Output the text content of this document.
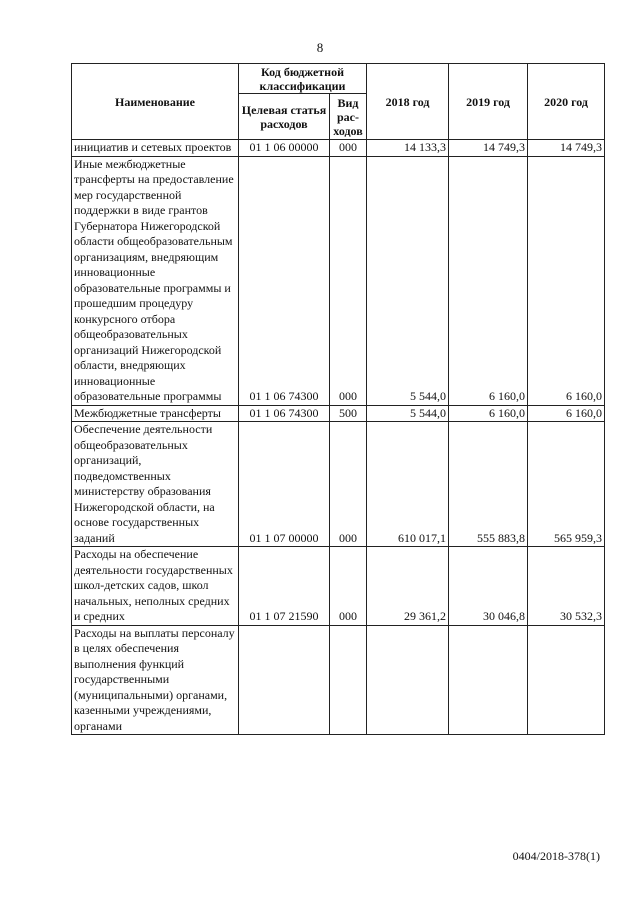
8
Наименование	Код бюджетной классификации		2018 год	2019 год	2020 год
	Целевая статья расходов	Вид рас-ходов			
инициатив и сетевых проектов	01 1 06 00000	000	14 133,3	14 749,3	14 749,3
Иные межбюджетные трансферты на предоставление мер государственной поддержки в виде грантов Губернатора Нижегородской области общеобразовательным организациям, внедряющим инновационные образовательные программы и прошедшим процедуру конкурсного отбора общеобразовательных организаций Нижегородской области, внедряющих инновационные образовательные программы	01 1 06 74300	000	5 544,0	6 160,0	6 160,0
Межбюджетные трансферты	01 1 06 74300	500	5 544,0	6 160,0	6 160,0
Обеспечение деятельности общеобразовательных организаций, подведомственных министерству образования Нижегородской области, на основе государственных заданий	01 1 07 00000	000	610 017,1	555 883,8	565 959,3
Расходы на обеспечение деятельности государственных школ-детских садов, школ начальных, неполных средних и средних	01 1 07 21590	000	29 361,2	30 046,8	30 532,3
Расходы на выплаты персоналу в целях обеспечения выполнения функций государственными (муниципальными) органами, казенными учреждениями, органами					
0404/2018-378(1)
